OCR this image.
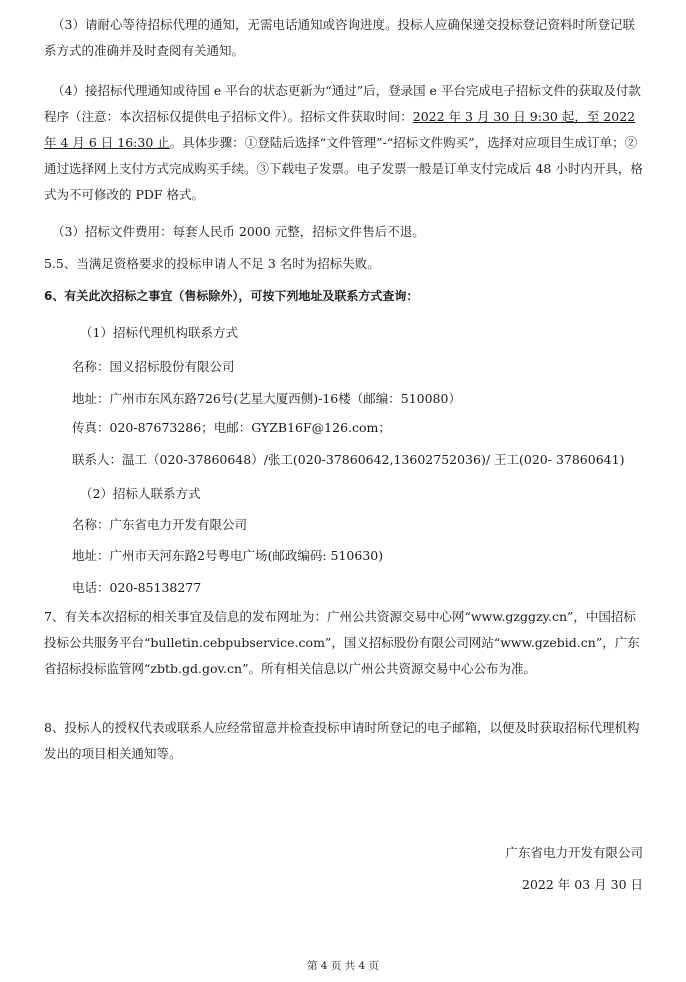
（3）请耐心等待招标代理的通知，无需电话通知或咨询进度。投标人应确保递交投标登记资料时所登记联系方式的准确并及时查阅有关通知。
（4）接招标代理通知或待国 e 平台的状态更新为“通过”后，登录国 e 平台完成电子招标文件的获取及付款程序（注意：本次招标仅提供电子招标文件）。招标文件获取时间：2022 年 3 月 30 日 9:30 起，至 2022 年 4 月 6 日 16:30 止。具体步骤：①登陆后选择“文件管理”-“招标文件购买”，选择对应项目生成订单；②通过选择网上支付方式完成购买手续。③下载电子发票。电子发票一般是订单支付完成后 48 小时内开具，格式为不可修改的 PDF 格式。
（3）招标文件费用：每套人民币 2000 元整，招标文件售后不退。
5.5、当满足资格要求的投标申请人不足 3 名时为招标失败。
6、有关此次招标之事宜（售标除外），可按下列地址及联系方式查询：
（1）招标代理机构联系方式
名称：国义招标股份有限公司
地址：广州市东风东路726号(艺星大厦西侧)-16楼（邮编：510080）
传真：020-87673286；电邮：GYZB16F@126.com；
联系人：温工（020-37860648）/张工(020-37860642,13602752036)/ 王工(020- 37860641)
（2）招标人联系方式
名称：广东省电力开发有限公司
地址：广州市天河东路2号粤电广场(邮政编码: 510630)
电话：020-85138277
7、有关本次招标的相关事宜及信息的发布网址为：广州公共资源交易中心网“www.gzggzy.cn”，中国招标投标公共服务平台“bulletin.cebpubservice.com”，国义招标股份有限公司网站“www.gzebid.cn”，广东省招标投标监管网“zbtb.gd.gov.cn”。所有相关信息以广州公共资源交易中心公布为准。
8、投标人的授权代表或联系人应经常留意并检查投标申请时所登记的电子邮箱，以便及时获取招标代理机构发出的项目相关通知等。
广东省电力开发有限公司
2022 年 03 月 30 日
第 4 页 共 4 页
